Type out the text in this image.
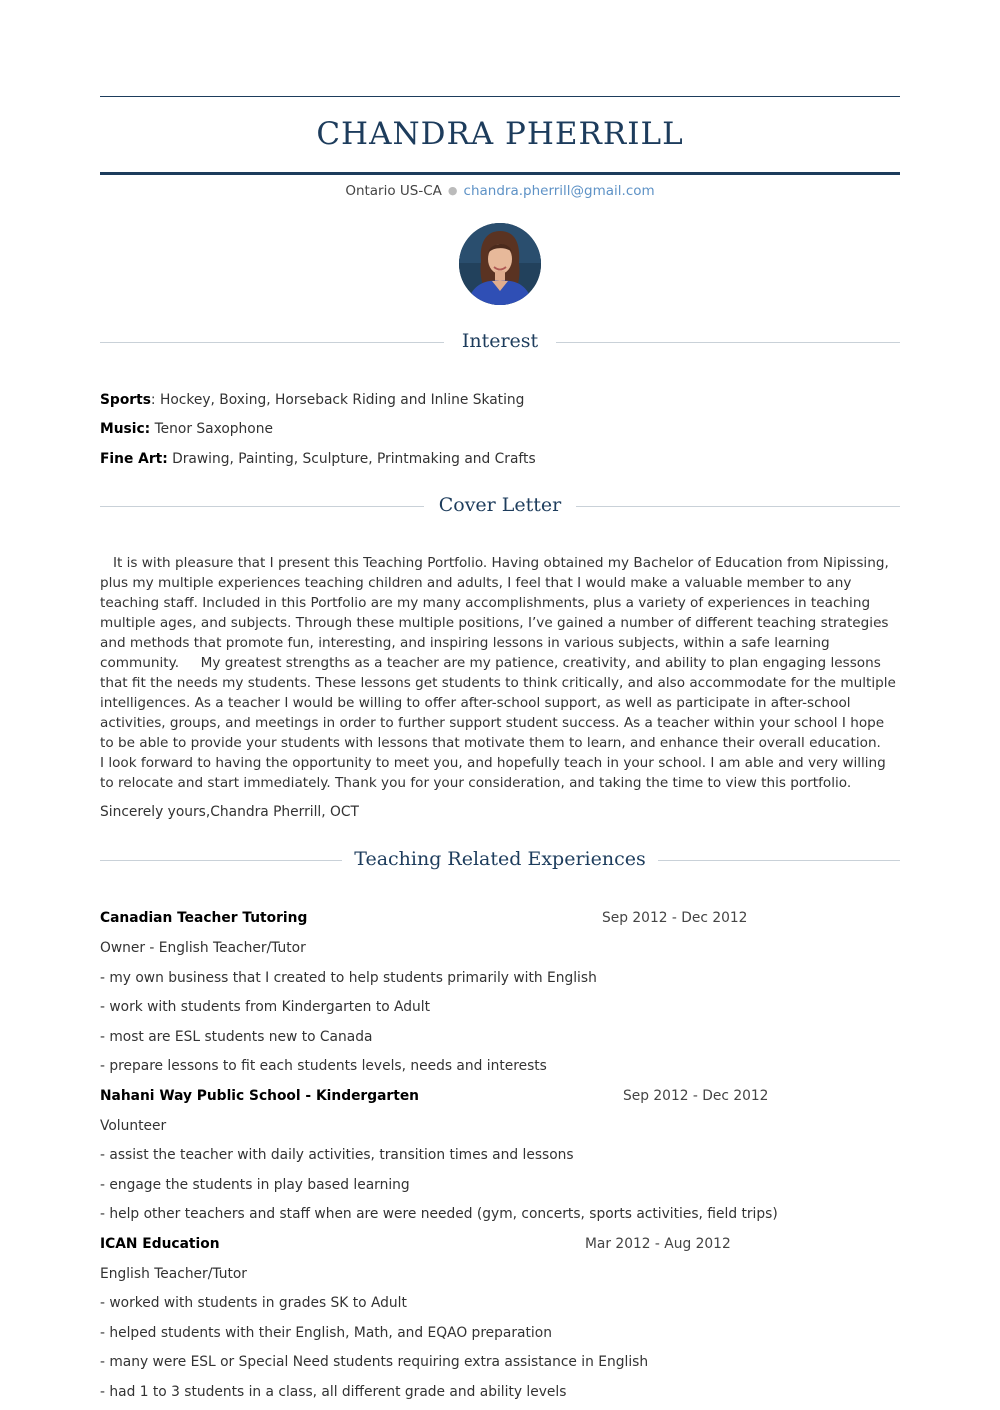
CHANDRA PHERRILL
Ontario US-CA ● chandra.pherrill@gmail.com
Interest
Sports: Hockey, Boxing, Horseback Riding and Inline Skating
Music: Tenor Saxophone
Fine Art: Drawing, Painting, Sculpture, Printmaking and Crafts
Cover Letter
It is with pleasure that I present this Teaching Portfolio. Having obtained my Bachelor of Education from Nipissing, plus my multiple experiences teaching children and adults, I feel that I would make a valuable member to any teaching staff. Included in this Portfolio are my many accomplishments, plus a variety of experiences in teaching multiple ages, and subjects. Through these multiple positions, I’ve gained a number of different teaching strategies and methods that promote fun, interesting, and inspiring lessons in various subjects, within a safe learning community.     My greatest strengths as a teacher are my patience, creativity, and ability to plan engaging lessons that fit the needs my students. These lessons get students to think critically, and also accommodate for the multiple intelligences. As a teacher I would be willing to offer after-school support, as well as participate in after-school activities, groups, and meetings in order to further support student success. As a teacher within your school I hope to be able to provide your students with lessons that motivate them to learn, and enhance their overall education.     I look forward to having the opportunity to meet you, and hopefully teach in your school. I am able and very willing to relocate and start immediately. Thank you for your consideration, and taking the time to view this portfolio.
Sincerely yours,Chandra Pherrill, OCT
Teaching Related Experiences
Canadian Teacher Tutoring	Sep 2012 - Dec 2012
Owner - English Teacher/Tutor
- my own business that I created to help students primarily with English
- work with students from Kindergarten to Adult
- most are ESL students new to Canada
- prepare lessons to fit each students levels, needs and interests
Nahani Way Public School - Kindergarten	Sep 2012 - Dec 2012
Volunteer
- assist the teacher with daily activities, transition times and lessons
- engage the students in play based learning
- help other teachers and staff when are were needed (gym, concerts, sports activities, field trips)
ICAN Education	Mar 2012 - Aug 2012
English Teacher/Tutor
- worked with students in grades SK to Adult
- helped students with their English, Math, and EQAO preparation
- many were ESL or Special Need students requiring extra assistance in English
- had 1 to 3 students in a class, all different grade and ability levels
